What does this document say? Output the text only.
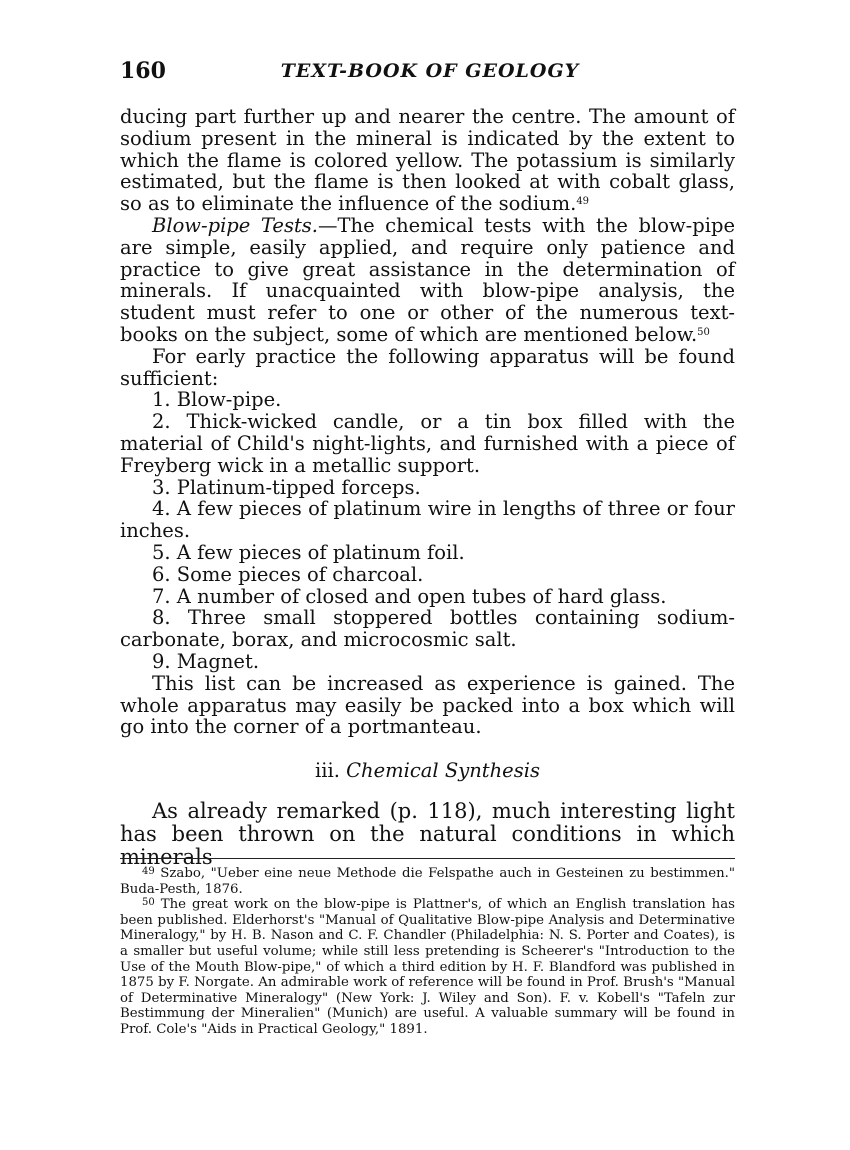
160	TEXT-BOOK OF GEOLOGY

ducing part further up and nearer the centre. The amount of sodium present in the mineral is indicated by the extent to which the flame is colored yellow. The potassium is similarly estimated, but the flame is then looked at with cobalt glass, so as to eliminate the influence of the sodium.$^{49}$

Blow-pipe Tests.—The chemical tests with the blow-pipe are simple, easily applied, and require only patience and practice to give great assistance in the determination of minerals. If unacquainted with blow-pipe analysis, the student must refer to one or other of the numerous text-books on the subject, some of which are mentioned below.$^{50}$

For early practice the following apparatus will be found sufficient:

1. Blow-pipe.

2. Thick-wicked candle, or a tin box filled with the material of Child's night-lights, and furnished with a piece of Freyberg wick in a metallic support.

3. Platinum-tipped forceps.

4. A few pieces of platinum wire in lengths of three or four inches.

5. A few pieces of platinum foil.

6. Some pieces of charcoal.

7. A number of closed and open tubes of hard glass.

8. Three small stoppered bottles containing sodium-carbonate, borax, and microcosmic salt.

9. Magnet.

This list can be increased as experience is gained. The whole apparatus may easily be packed into a box which will go into the corner of a portmanteau.

iii. Chemical Synthesis

As already remarked (p. 118), much interesting light has been thrown on the natural conditions in which minerals

$^{49}$ Szabo, "Ueber eine neue Methode die Felspathe auch in Gesteinen zu bestimmen." Buda-Pesth, 1876.

$^{50}$ The great work on the blow-pipe is Plattner's, of which an English translation has been published. Elderhorst's "Manual of Qualitative Blow-pipe Analysis and Determinative Mineralogy," by H. B. Nason and C. F. Chandler (Philadelphia: N. S. Porter and Coates), is a smaller but useful volume; while still less pretending is Scheerer's "Introduction to the Use of the Mouth Blow-pipe," of which a third edition by H. F. Blandford was published in 1875 by F. Norgate. An admirable work of reference will be found in Prof. Brush's "Manual of Determinative Mineralogy" (New York: J. Wiley and Son). F. v. Kobell's "Tafeln zur Bestimmung der Mineralien" (Munich) are useful. A valuable summary will be found in Prof. Cole's "Aids in Practical Geology," 1891.
